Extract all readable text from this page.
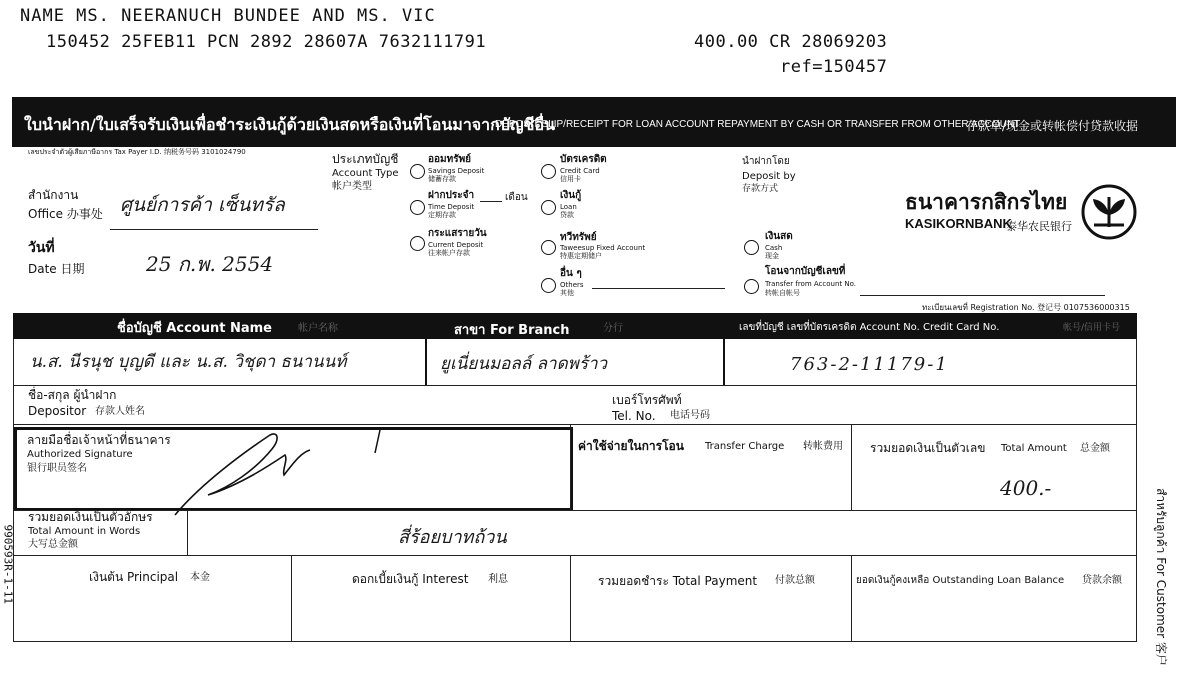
NAME MS. NEERANUCH BUNDEE AND MS. VIC
150452 25FEB11 PCN 2892 28607A 7632111791	400.00 CR 28069203
ref=150457
ใบนำฝาก/ใบเสร็จรับเงินเพื่อชำระเงินกู้ด้วยเงินสดหรือเงินที่โอนมาจากบัญชีอื่น
DEPOSIT SLIP/RECEIPT FOR LOAN ACCOUNT REPAYMENT BY CASH OR TRANSFER FROM OTHER ACCOUNT
存款单/现金或转帐偿付贷款收据
เลขประจำตัวผู้เสียภาษีอากร Tax Payer I.D. 纳税务号码 3101024790
สำนักงาน
Office 办事处 ศูนย์การค้า เซ็นทรัล
วันที่
Date 日期	25 ก.พ. 2554
ประเภทบัญชี
Account Type
帐户类型
ออมทรัพย์
Savings Deposit
储蓄存款
ฝากประจำ
Time Deposit
定期存款
เดือน
กระแสรายวัน
Current Deposit
往来帐户存款
บัตรเครดิต
Credit Card
信用卡
เงินกู้
Loan
贷款
ทวีทรัพย์
Taweesup Fixed Account
特惠定期储户
อื่น ๆ
Others
其他
นำฝากโดย
Deposit by
存款方式
เงินสด
Cash
现金
โอนจากบัญชีเลขที่
Transfer from Account No.
转帐自帐号
ธนาคารกสิกรไทย
KASIKORNBANK
泰华农民银行
ทะเบียนเลขที่ Registration No. 登记号 0107536000315
ชื่อบัญชี Account Name	帐户名称	สาขา For Branch	分行	เลขที่บัญชี เลขที่บัตรเครดิต Account No. Credit Card No.	帐号/信用卡号
น.ส. นีรนุช บุญดี และ น.ส. วิชุดา ธนานนท์	ยูเนี่ยนมอลล์ ลาดพร้าว	763-2-11179-1
ชื่อ-สกุล ผู้นำฝาก
Depositor 存款人姓名
เบอร์โทรศัพท์
Tel. No. 电话号码
ลายมือชื่อเจ้าหน้าที่ธนาคาร
Authorized Signature
银行职员签名
ค่าใช้จ่ายในการโอน Transfer Charge 转帐费用 รวมยอดเงินเป็นตัวเลข Total Amount 总金额
400.-
รวมยอดเงินเป็นตัวอักษร
Total Amount in Words
大写总金额	สี่ร้อยบาทถ้วน
เงินต้น Principal 本金	ดอกเบี้ยเงินกู้ Interest 利息	รวมยอดชำระ Total Payment 付款总额	ยอดเงินกู้คงเหลือ Outstanding Loan Balance 贷款余额	สำหรับลูกค้า For Customer 客户
990593R-1-11
